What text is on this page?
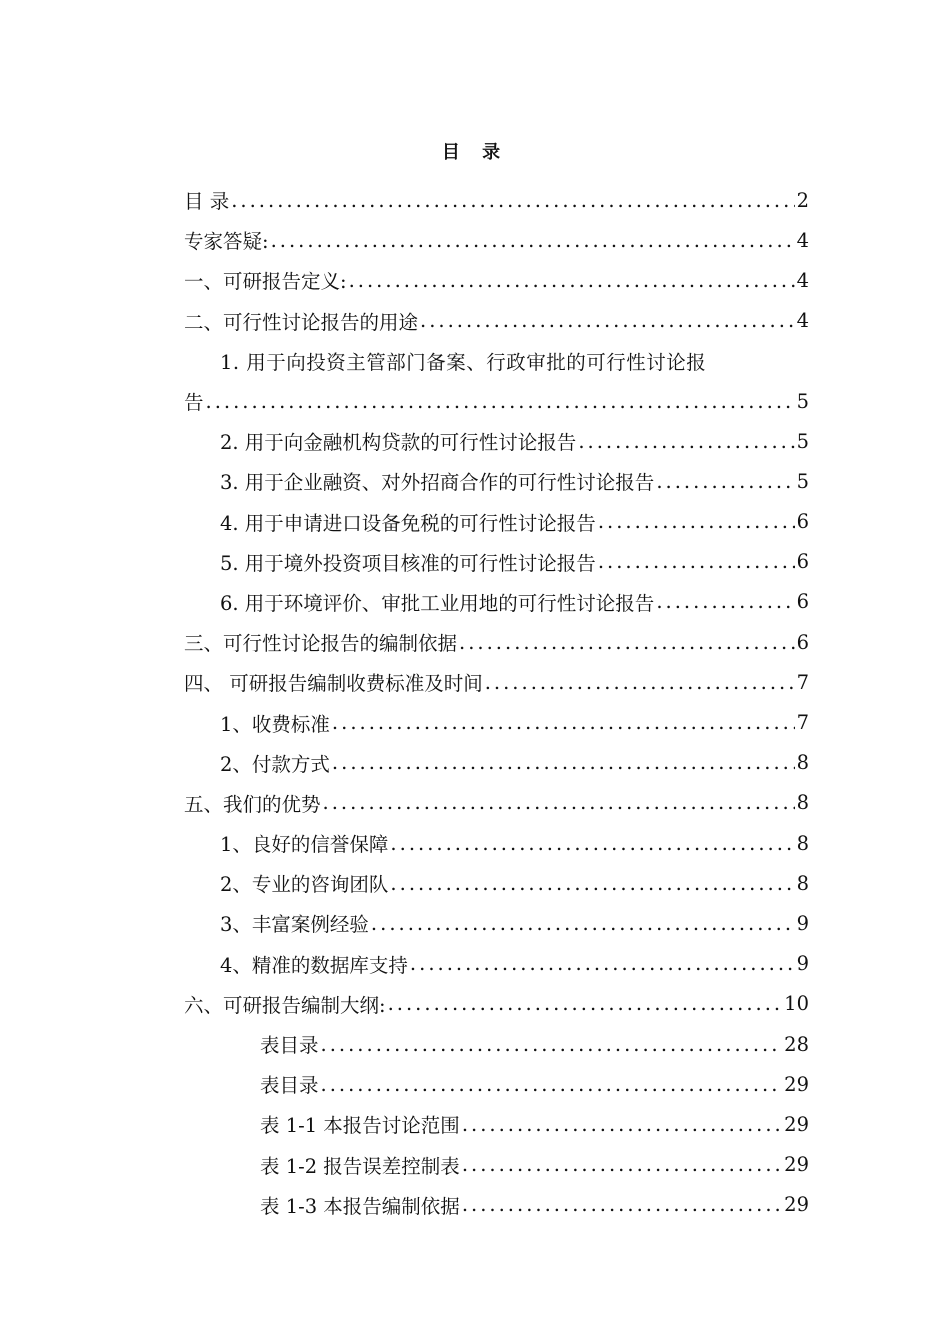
目 录
目 录 .....	2
专家答疑: .....	4
一、可研报告定义: .....	4
二、可行性讨论报告的用途 .....	4
1. 用于向投资主管部门备案、行政审批的可行性讨论报
告 .....	5
2. 用于向金融机构贷款的可行性讨论报告 .....	5
3. 用于企业融资、对外招商合作的可行性讨论报告 .....	5
4. 用于申请进口设备免税的可行性讨论报告 .....	6
5. 用于境外投资项目核准的可行性讨论报告 .....	6
6. 用于环境评价、审批工业用地的可行性讨论报告 .....	6
三、可行性讨论报告的编制依据 .....	6
四、 可研报告编制收费标准及时间 .....	7
1、收费标准 .....	7
2、付款方式 .....	8
五、我们的优势 .....	8
1、良好的信誉保障 .....	8
2、专业的咨询团队 .....	8
3、丰富案例经验 .....	9
4、精准的数据库支持 .....	9
六、可研报告编制大纲: .....	10
表目录 .....	28
表目录 .....	29
表 1-1 本报告讨论范围 .....	29
表 1-2 报告误差控制表 .....	29
表 1-3 本报告编制依据 .....	29
